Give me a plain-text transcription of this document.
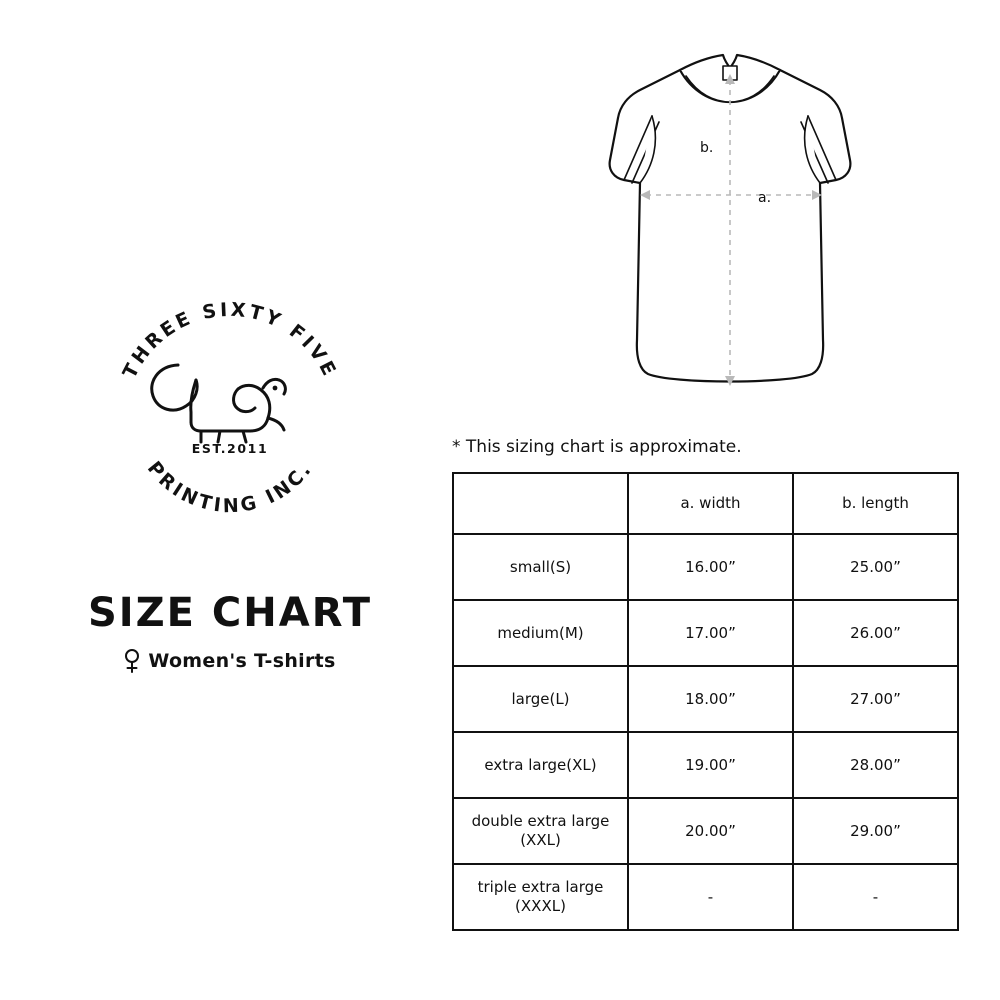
THREE SIXTY FIVE
PRINTING INC.
EST.2011
SIZE CHART
Women's T-shirts
a.
b.
* This sizing chart is approximate.
	a. width	b. length
small(S)	16.00”	25.00”
medium(M)	17.00”	26.00”
large(L)	18.00”	27.00”
extra large(XL)	19.00”	28.00”
double extra large (XXL)	20.00”	29.00”
triple extra large (XXXL)	-	-
